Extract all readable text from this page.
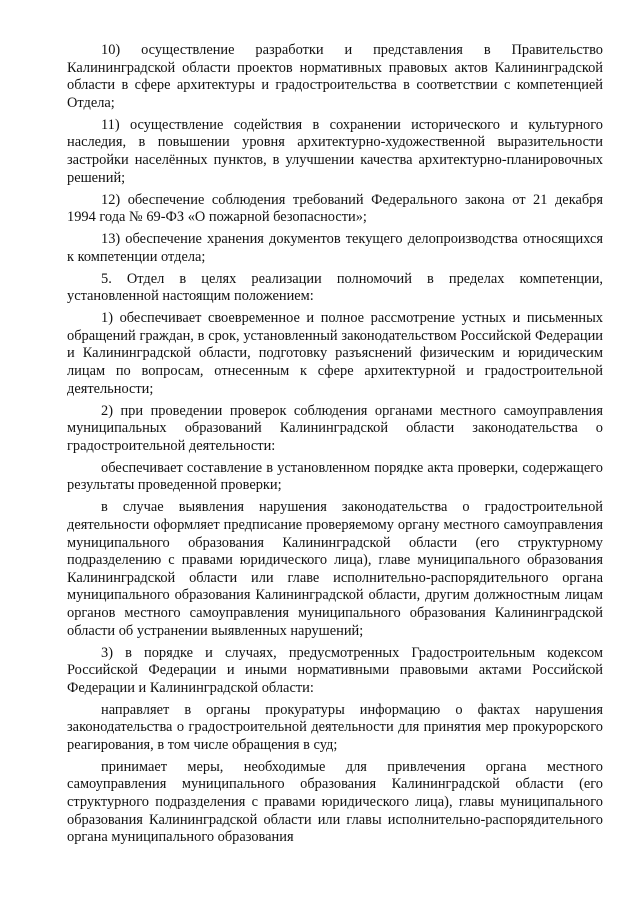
10) осуществление разработки и представления в Правительство Калининградской области проектов нормативных правовых актов Калининградской области в сфере архитектуры и градостроительства в соответствии с компетенцией Отдела;

11) осуществление содействия в сохранении исторического и культурного наследия, в повышении уровня архитектурно-художественной выразительности застройки населённых пунктов, в улучшении качества архитектурно-планировочных решений;

12) обеспечение соблюдения требований Федерального закона от 21 декабря 1994 года № 69-ФЗ «О пожарной безопасности»;

13) обеспечение хранения документов текущего делопроизводства относящихся к компетенции отдела;

5. Отдел в целях реализации полномочий в пределах компетенции, установленной настоящим положением:

1) обеспечивает своевременное и полное рассмотрение устных и письменных обращений граждан, в срок, установленный законодательством Российской Федерации и Калининградской области, подготовку разъяснений физическим и юридическим лицам по вопросам, отнесенным к сфере архитектурной и градостроительной деятельности;

2) при проведении проверок соблюдения органами местного самоуправления муниципальных образований Калининградской области законодательства о градостроительной деятельности:

обеспечивает составление в установленном порядке акта проверки, содержащего результаты проведенной проверки;

в случае выявления нарушения законодательства о градостроительной деятельности оформляет предписание проверяемому органу местного самоуправления муниципального образования Калининградской области (его структурному подразделению с правами юридического лица), главе муниципального образования Калининградской области или главе исполнительно-распорядительного органа муниципального образования Калининградской области, другим должностным лицам органов местного самоуправления муниципального образования Калининградской области об устранении выявленных нарушений;

3) в порядке и случаях, предусмотренных Градостроительным кодексом Российской Федерации и иными нормативными правовыми актами Российской Федерации и Калининградской области:

направляет в органы прокуратуры информацию о фактах нарушения законодательства о градостроительной деятельности для принятия мер прокурорского реагирования, в том числе обращения в суд;

принимает меры, необходимые для привлечения органа местного самоуправления муниципального образования Калининградской области (его структурного подразделения с правами юридического лица), главы муниципального образования Калининградской области или главы исполнительно-распорядительного органа муниципального образования
